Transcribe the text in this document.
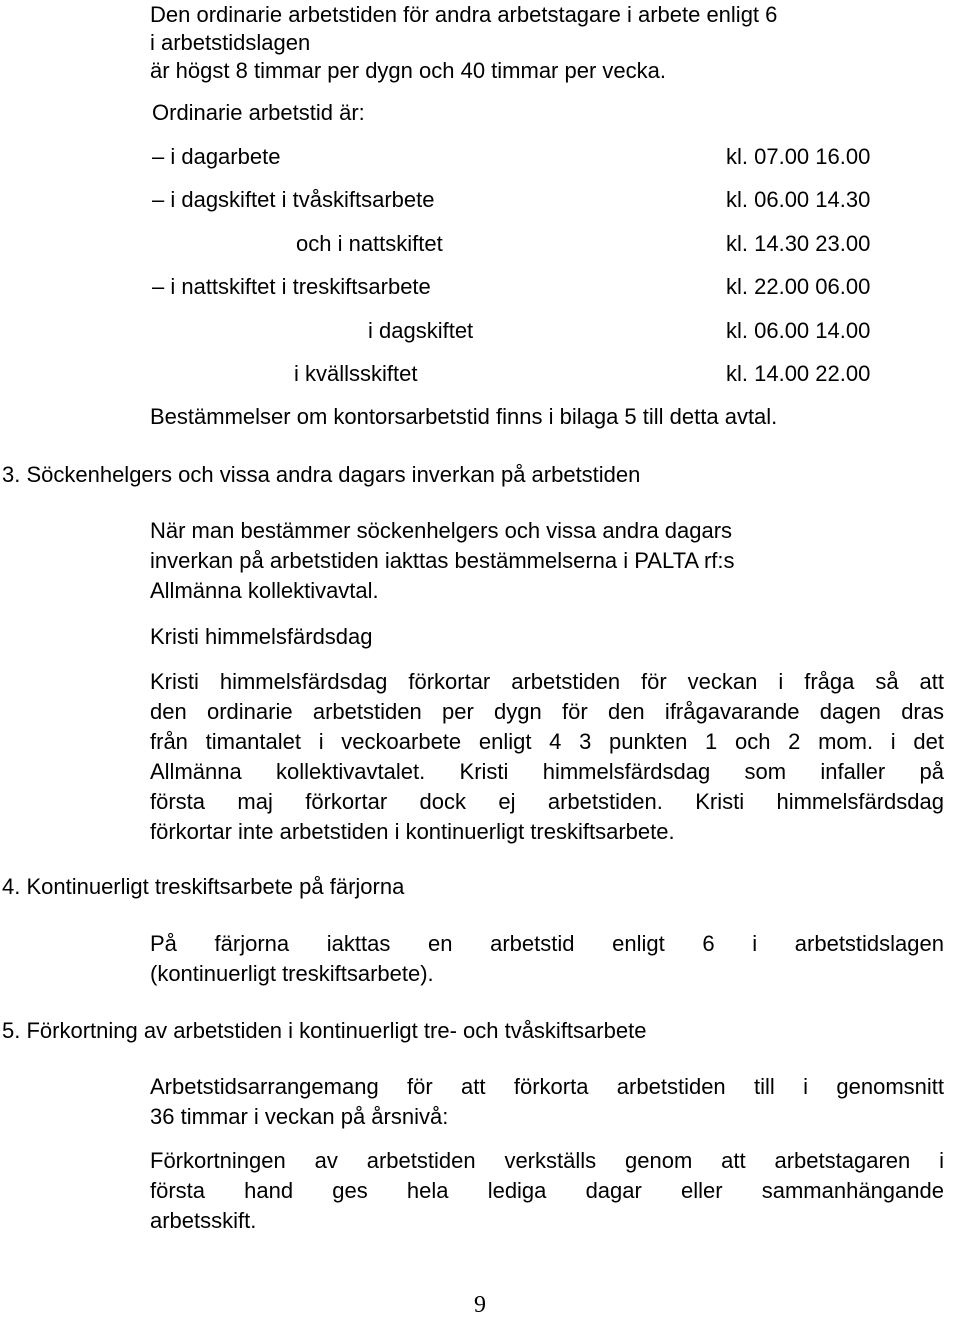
Den ordinarie arbetstiden för andra arbetstagare i arbete enligt 6

i arbetstidslagen

är högst 8 timmar per dygn och 40 timmar per vecka.

Ordinarie arbetstid är:

– i dagarbete	kl. 07.00 16.00

– i dagskiftet i tvåskiftsarbete	kl. 06.00 14.30

och i nattskiftet	kl. 14.30 23.00

– i nattskiftet i treskiftsarbete	kl. 22.00 06.00

i dagskiftet	kl. 06.00 14.00

i kvällsskiftet	kl. 14.00 22.00

Bestämmelser om kontorsarbetstid finns i bilaga 5 till detta avtal.

3. Söckenhelgers och vissa andra dagars inverkan på arbetstiden

När man bestämmer söckenhelgers och vissa andra dagars
inverkan på arbetstiden iakttas bestämmelserna i PALTA rf:s
Allmänna kollektivavtal.

Kristi himmelsfärdsdag

Kristi himmelsfärdsdag förkortar arbetstiden för veckan i fråga så att
den ordinarie arbetstiden per dygn för den ifrågavarande dagen dras
från timantalet i veckoarbete enligt 4 3 punkten 1 och 2 mom. i det
Allmänna kollektivavtalet. Kristi himmelsfärdsdag som infaller på
första maj förkortar dock ej arbetstiden. Kristi himmelsfärdsdag
förkortar inte arbetstiden i kontinuerligt treskiftsarbete.

4. Kontinuerligt treskiftsarbete på färjorna

På färjorna iakttas en arbetstid enligt 6 i arbetstidslagen
(kontinuerligt treskiftsarbete).

5. Förkortning av arbetstiden i kontinuerligt tre- och tvåskiftsarbete

Arbetstidsarrangemang för att förkorta arbetstiden till i genomsnitt
36 timmar i veckan på årsnivå:
Förkortningen av arbetstiden verkställs genom att arbetstagaren i
första hand ges hela lediga dagar eller sammanhängande
arbetsskift.
9
